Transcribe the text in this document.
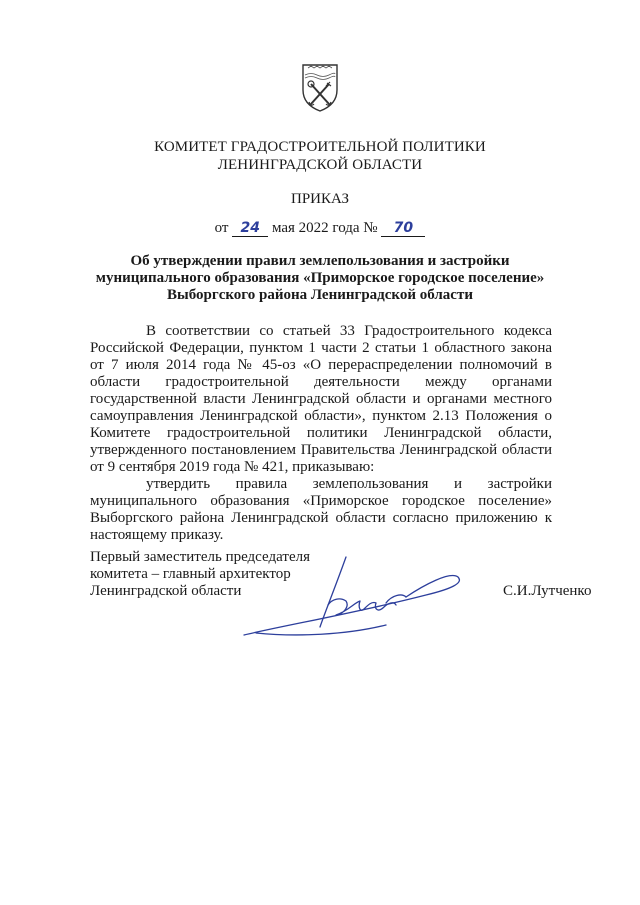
КОМИТЕТ ГРАДОСТРОИТЕЛЬНОЙ ПОЛИТИКИ
ЛЕНИНГРАДСКОЙ ОБЛАСТИ
ПРИКАЗ
от 24 мая 2022 года № 70
Об утверждении правил землепользования и застройки
муниципального образования «Приморское городское поселение»
Выборгского района Ленинградской области

В соответствии со статьей 33 Градостроительного кодекса Российской Федерации, пунктом 1 части 2 статьи 1 областного закона от 7 июля 2014 года № 45-оз «О перераспределении полномочий в области градостроительной деятельности между органами государственной власти Ленинградской области и органами местного самоуправления Ленинградской области», пунктом 2.13 Положения о Комитете градостроительной политики Ленинградской области, утвержденного постановлением Правительства Ленинградской области от 9 сентября 2019 года № 421, приказываю:

утвердить правила землепользования и застройки муниципального образования «Приморское городское поселение» Выборгского района Ленинградской области согласно приложению к настоящему приказу.

Первый заместитель председателя
комитета – главный архитектор
Ленинградской области	С.И.Лутченко
